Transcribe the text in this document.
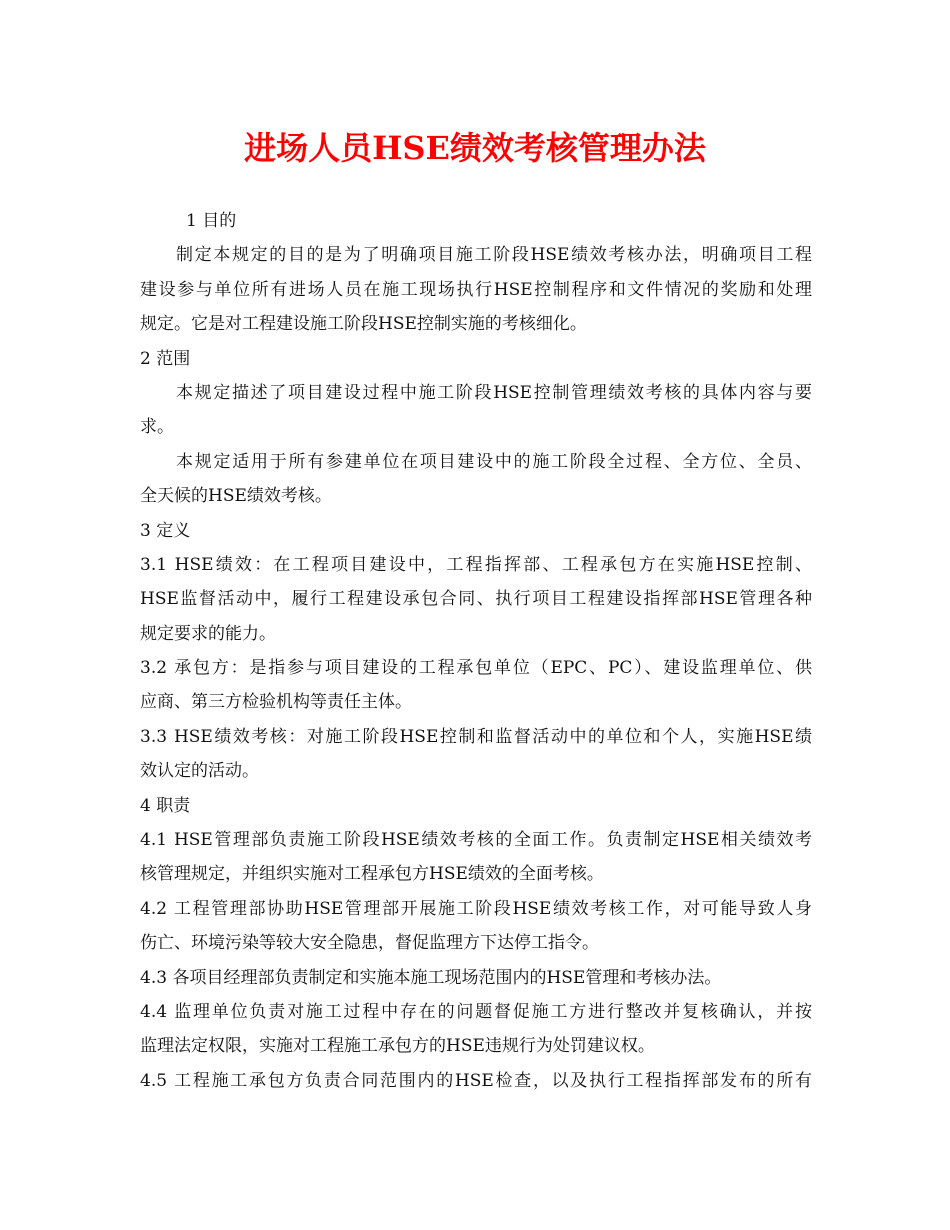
进场人员HSE绩效考核管理办法
1 目的
制定本规定的目的是为了明确项目施工阶段HSE绩效考核办法，明确项目工程
建设参与单位所有进场人员在施工现场执行HSE控制程序和文件情况的奖励和处理
规定。它是对工程建设施工阶段HSE控制实施的考核细化。
2 范围
本规定描述了项目建设过程中施工阶段HSE控制管理绩效考核的具体内容与要
求。
本规定适用于所有参建单位在项目建设中的施工阶段全过程、全方位、全员、
全天候的HSE绩效考核。
3 定义
3.1 HSE绩效：在工程项目建设中，工程指挥部、工程承包方在实施HSE控制、
HSE监督活动中，履行工程建设承包合同、执行项目工程建设指挥部HSE管理各种
规定要求的能力。
3.2 承包方：是指参与项目建设的工程承包单位（EPC、PC）、建设监理单位、供
应商、第三方检验机构等责任主体。
3.3 HSE绩效考核：对施工阶段HSE控制和监督活动中的单位和个人，实施HSE绩
效认定的活动。
4 职责
4.1 HSE管理部负责施工阶段HSE绩效考核的全面工作。负责制定HSE相关绩效考
核管理规定，并组织实施对工程承包方HSE绩效的全面考核。
4.2 工程管理部协助HSE管理部开展施工阶段HSE绩效考核工作，对可能导致人身
伤亡、环境污染等较大安全隐患，督促监理方下达停工指令。
4.3 各项目经理部负责制定和实施本施工现场范围内的HSE管理和考核办法。
4.4 监理单位负责对施工过程中存在的问题督促施工方进行整改并复核确认，并按
监理法定权限，实施对工程施工承包方的HSE违规行为处罚建议权。
4.5 工程施工承包方负责合同范围内的HSE检查，以及执行工程指挥部发布的所有
